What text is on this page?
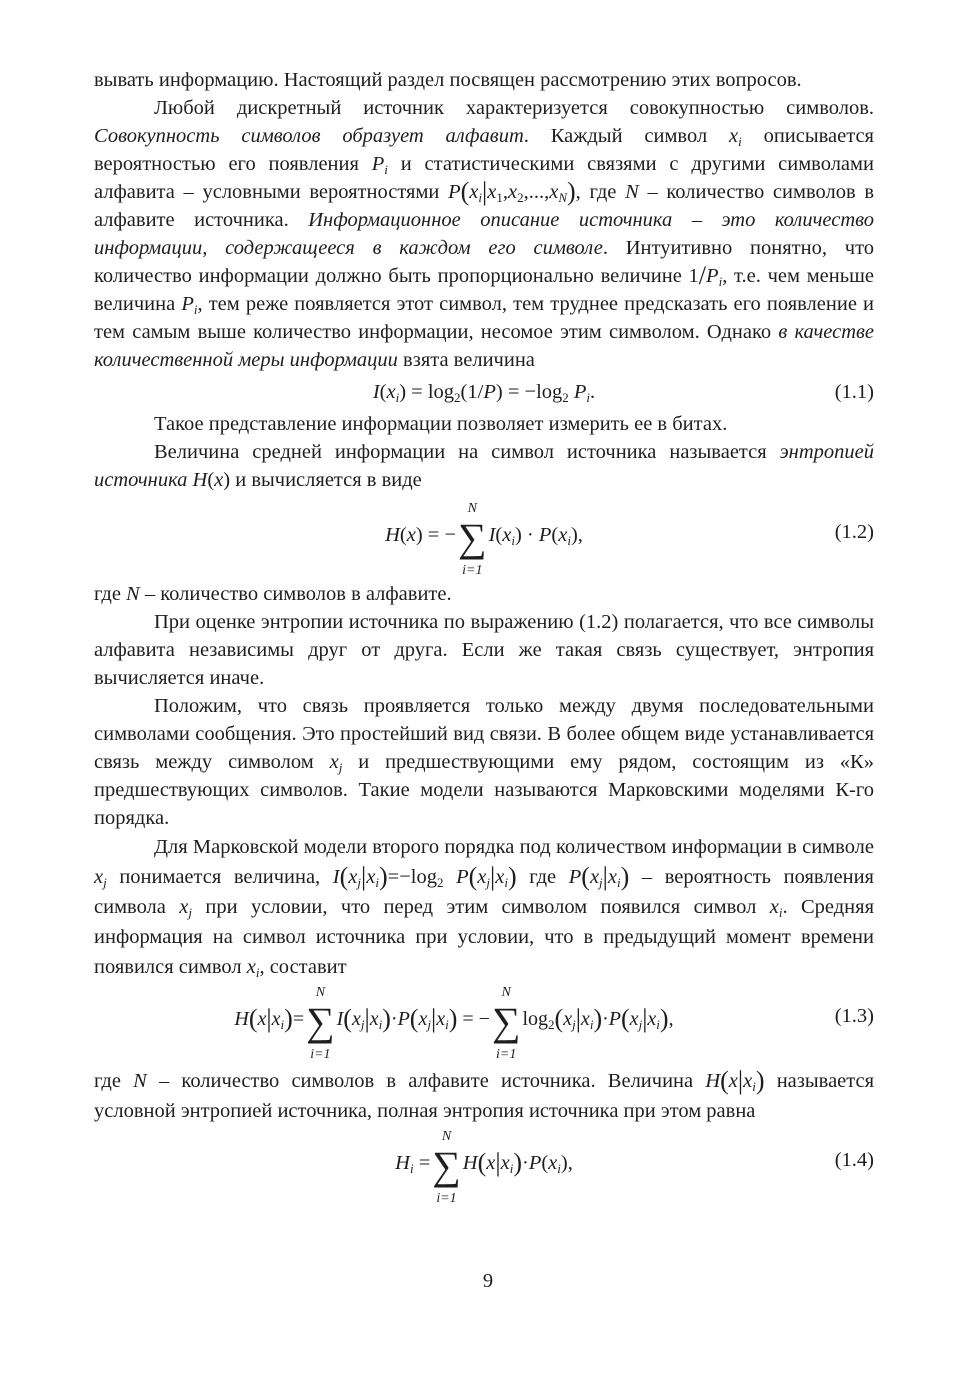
вывать информацию. Настоящий раздел посвящен рассмотрению этих вопросов.

Любой дискретный источник характеризуется совокупностью символов. Совокупность символов образует алфавит. Каждый символ $x_i$ описывается вероятностью его появления $P_i$ и статистическими связями с другими символами алфавита – условными вероятностями $P(x_i|x_1,x_2,...,x_N)$, где N – количество символов в алфавите источника. Информационное описание источника – это количество информации, содержащееся в каждом его символе. Интуитивно понятно, что количество информации должно быть пропорционально величине $1/P_i$, т.е. чем меньше величина $P_i$, тем реже появляется этот символ, тем труднее предсказать его появление и тем самым выше количество информации, несомое этим символом. Однако в качестве количественной меры информации взята величина

$I(x_i) = \log_2(1/P) = -\log_2$ $P_i$.	(1.1)

Такое представление информации позволяет измерить ее в битах.

Величина средней информации на символ источника называется энтропией источника H(x) и вычисляется в виде

H(x) = −∑
N
i=1
$I(x_i) \cdot P(x_i)$,	(1.2)

где N – количество символов в алфавите.

При оценке энтропии источника по выражению (1.2) полагается, что все символы алфавита независимы друг от друга. Если же такая связь существует, энтропия вычисляется иначе.

Положим, что связь проявляется только между двумя последовательными символами сообщения. Это простейший вид связи. В более общем виде устанавливается связь между символом $x_j$ и предшествующими ему рядом, состоящим из «К» предшествующих символов. Такие модели называются Марковскими моделями К-го порядка.

Для Марковской модели второго порядка под количеством информации в символе $x_j$ понимается величина, $I(x_j|x_i)=-\log_2$ $P(x_j|x_i)$ где $P(x_j|x_i)$ – вероятность появления символа $x_j$ при условии, что перед этим символом появился символ $x_i$. Средняя информация на символ источника при условии, что в предыдущий момент времени появился символ $x_i$, составит

$H(x|x_i)=\sum$
N
i=1
$I(x_j|x_i)\cdot P(x_j|x_i)$ = −∑
N
i=1
$\log_2(x_j|x_i)\cdot P(x_j|x_i)$,	(1.3)

где N – количество символов в алфавите источника. Величина $H(x|x_i)$ называется условной энтропией источника, полная энтропия источника при этом равна

$H_i$ =∑
N
i=1
$H(x|x_i)\cdot P(x_i)$,	(1.4)
9
